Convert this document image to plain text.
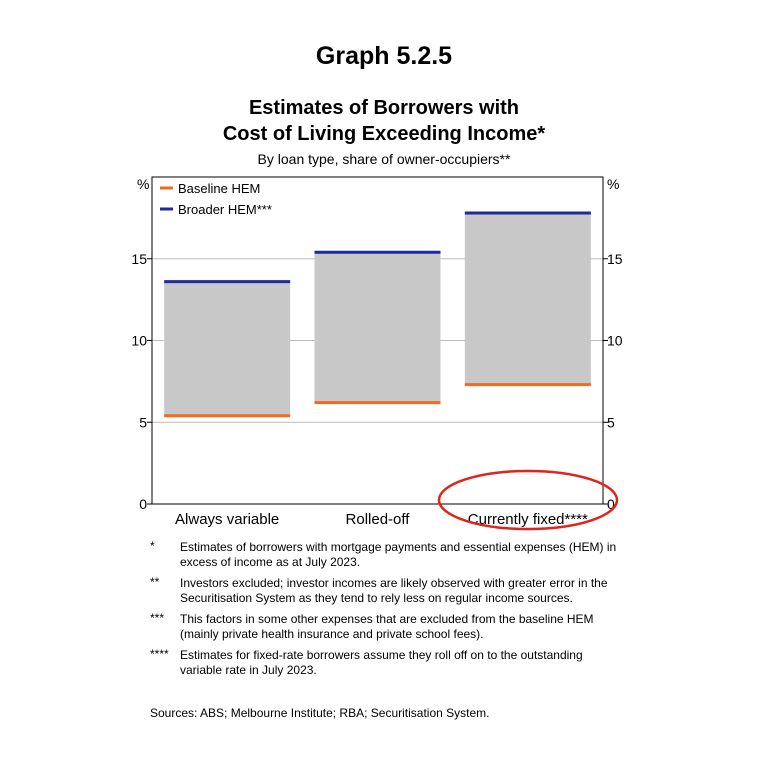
Graph 5.2.5
Estimates of Borrowers with
Cost of Living Exceeding Income*
By loan type, share of owner-occupiers**
0	0
5	5
10	10
15	15
%	%
Always variable	Rolled-off	Currently fixed****
Baseline HEM
Broader HEM***
* Estimates of borrowers with mortgage payments and essential expenses (HEM) in excess of income as at July 2023.
** Investors excluded; investor incomes are likely observed with greater error in the Securitisation System as they tend to rely less on regular income sources.
*** This factors in some other expenses that are excluded from the baseline HEM (mainly private health insurance and private school fees).
**** Estimates for fixed-rate borrowers assume they roll off on to the outstanding variable rate in July 2023.
Sources: ABS; Melbourne Institute; RBA; Securitisation System.
